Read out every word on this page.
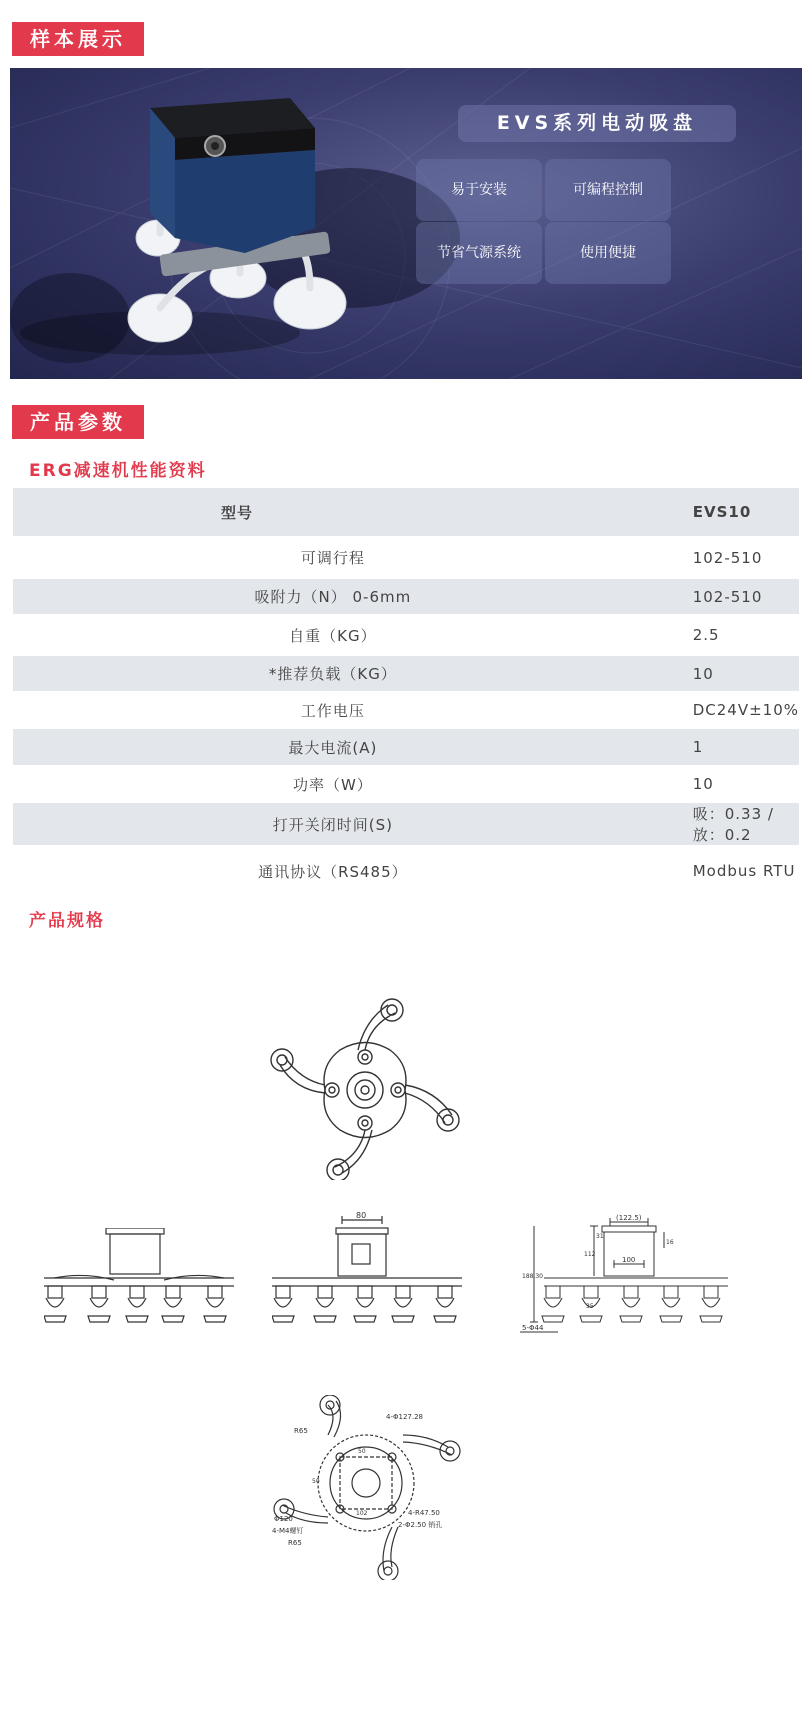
样本展示
EVS系列电动吸盘
易于安装	可编程控制
节省气源系统	使用便捷
产品参数
ERG减速机性能资料
型号	EVS10
可调行程	102-510
吸附力（N） 0-6mm	102-510
自重（KG）	2.5
*推荐负载（KG）	10
工作电压	DC24V±10%
最大电流(A)	1
功率（W）	10
打开关闭时间(S)	吸：0.33 / 放：0.2
通讯协议（RS485）	Modbus RTU
产品规格
80	(122.5)
100
112
31
16
188.30
35
5-Φ44
4-Φ127.28
R65
50
50
102	4-R47.50
2-Φ2.50 销孔
Φ120
4-M4螺钉
R65
